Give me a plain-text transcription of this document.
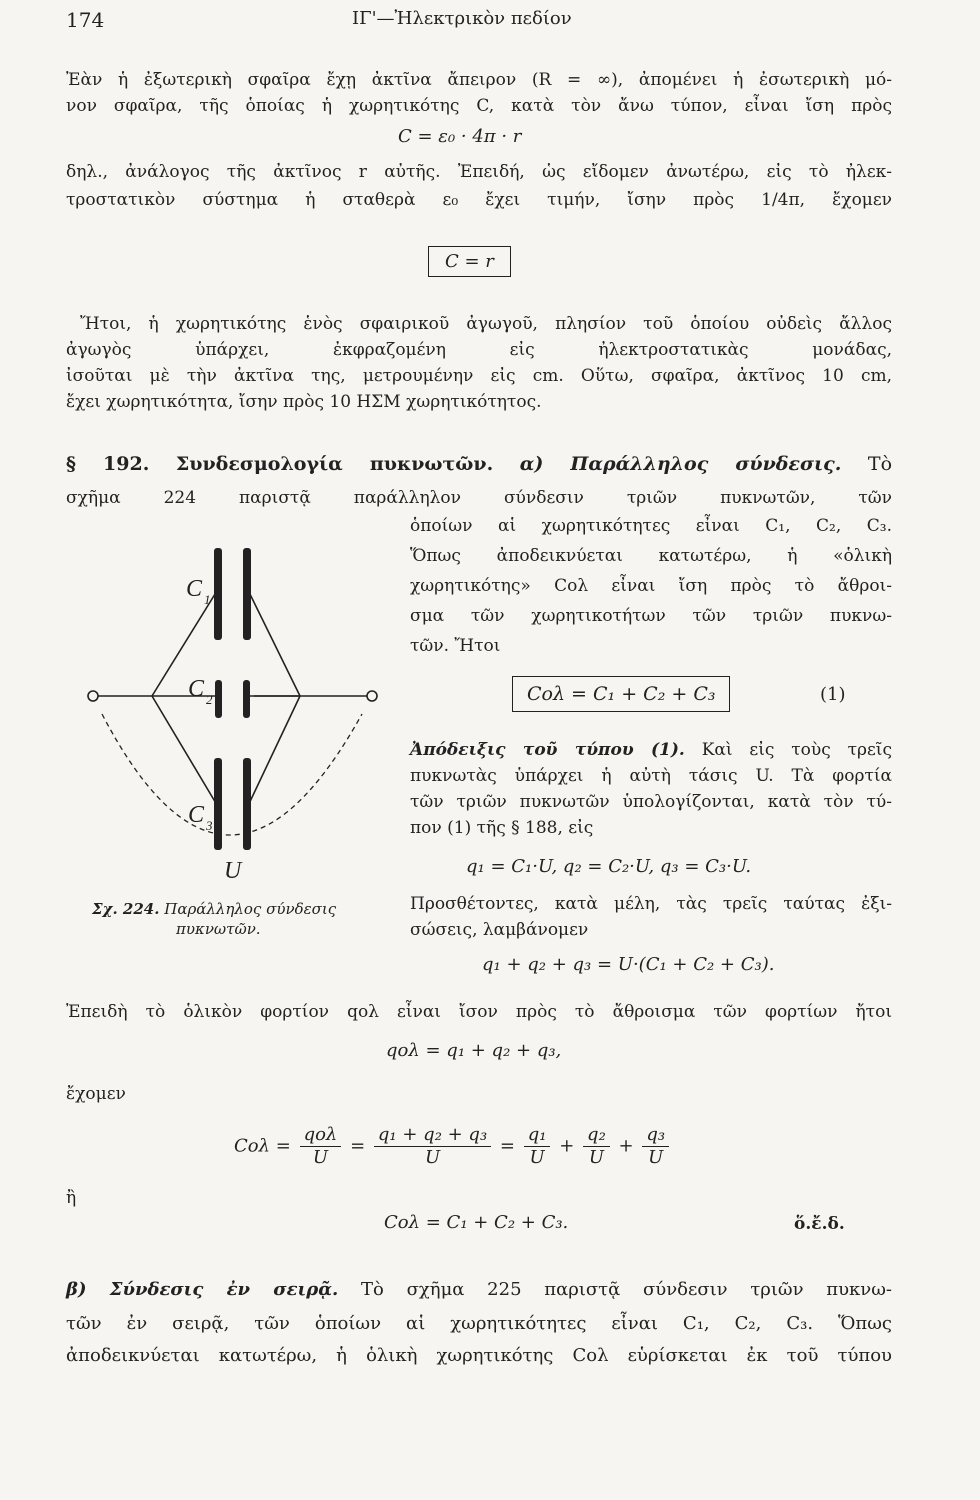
174	ΙΓ'—Ἠλεκτρικὸν πεδίον
Ἐὰν ἡ ἐξωτερικὴ σφαῖρα ἔχῃ ἀκτῖνα ἄπειρον (R = ∞), ἀπομένει ἡ ἐσωτερικὴ μό-
νον σφαῖρα, τῆς ὁποίας ἡ χωρητικότης C, κατὰ τὸν ἄνω τύπον, εἶναι ἴση πρὸς
C = ε₀ · 4π · r
δηλ., ἀνάλογος τῆς ἀκτῖνος r αὐτῆς. Ἐπειδή, ὡς εἴδομεν ἀνωτέρω, εἰς τὸ ἠλεκ-
τροστατικὸν σύστημα ἡ σταθερὰ ε₀ ἔχει τιμήν, ἴσην πρὸς 1/4π, ἔχομεν
C = r
Ἤτοι, ἡ χωρητικότης ἑνὸς σφαιρικοῦ ἀγωγοῦ, πλησίον τοῦ ὁποίου οὐδεὶς ἄλλος
ἀγωγὸς ὑπάρχει, ἐκφραζομένη εἰς ἠλεκτροστατικὰς μονάδας,
ἰσοῦται μὲ τὴν ἀκτῖνα της, μετρουμένην εἰς cm. Οὕτω, σφαῖρα, ἀκτῖνος 10 cm,
ἔχει χωρητικότητα, ἴσην πρὸς 10 ΗΣΜ χωρητικότητος.
§ 192. Συνδεσμολογία πυκνωτῶν. α) Παράλληλος σύνδεσις. Τὸ
σχῆμα 224 παριστᾷ παράλληλον σύνδεσιν τριῶν πυκνωτῶν, τῶν
ὁποίων αἱ χωρητικότητες εἶναι C₁, C₂, C₃.
Ὅπως ἀποδεικνύεται κατωτέρω, ἡ «ὁλικὴ
χωρητικότης» Cολ εἶναι ἴση πρὸς τὸ ἄθροι-
σμα τῶν χωρητικοτήτων τῶν τριῶν πυκνω-
τῶν. Ἤτοι
Cολ = C₁ + C₂ + C₃	(1)
Ἀπόδειξις τοῦ τύπου (1). Καὶ εἰς τοὺς τρεῖς
πυκνωτὰς ὑπάρχει ἡ αὐτὴ τάσις U. Τὰ φορτία
τῶν τριῶν πυκνωτῶν ὑπολογίζονται, κατὰ τὸν τύ-
πον (1) τῆς § 188, εἰς
q₁ = C₁·U, q₂ = C₂·U, q₃ = C₃·U.
Προσθέτοντες, κατὰ μέλη, τὰς τρεῖς ταύτας ἐξι-
σώσεις, λαμβάνομεν
q₁ + q₂ + q₃ = U·(C₁ + C₂ + C₃).
C 1
C 2
C 3
U
Σχ. 224. Παράλληλος σύνδεσις
πυκνωτῶν.
Ἐπειδὴ τὸ ὁλικὸν φορτίον qολ εἶναι ἴσον πρὸς τὸ ἄθροισμα τῶν φορτίων ἤτοι
qολ = q₁ + q₂ + q₃,
ἔχομεν
$Co\lambda = \frac{\text{qολ}}{U} = \frac{\text{q₁ + q₂ + q₃}}{U} = \frac{\text{q₁}}{U} + \frac{\text{q₂}}{U} + \frac{\text{q₃}}{U}$
ἢ
Cολ = C₁ + C₂ + C₃.	ὅ.ἔ.δ.
β) Σύνδεσις ἐν σειρᾷ. Τὸ σχῆμα 225 παριστᾷ σύνδεσιν τριῶν πυκνω-
τῶν ἐν σειρᾷ, τῶν ὁποίων αἱ χωρητικότητες εἶναι C₁, C₂, C₃. Ὅπως
ἀποδεικνύεται κατωτέρω, ἡ ὁλικὴ χωρητικότης Cολ εὑρίσκεται ἐκ τοῦ τύπου
